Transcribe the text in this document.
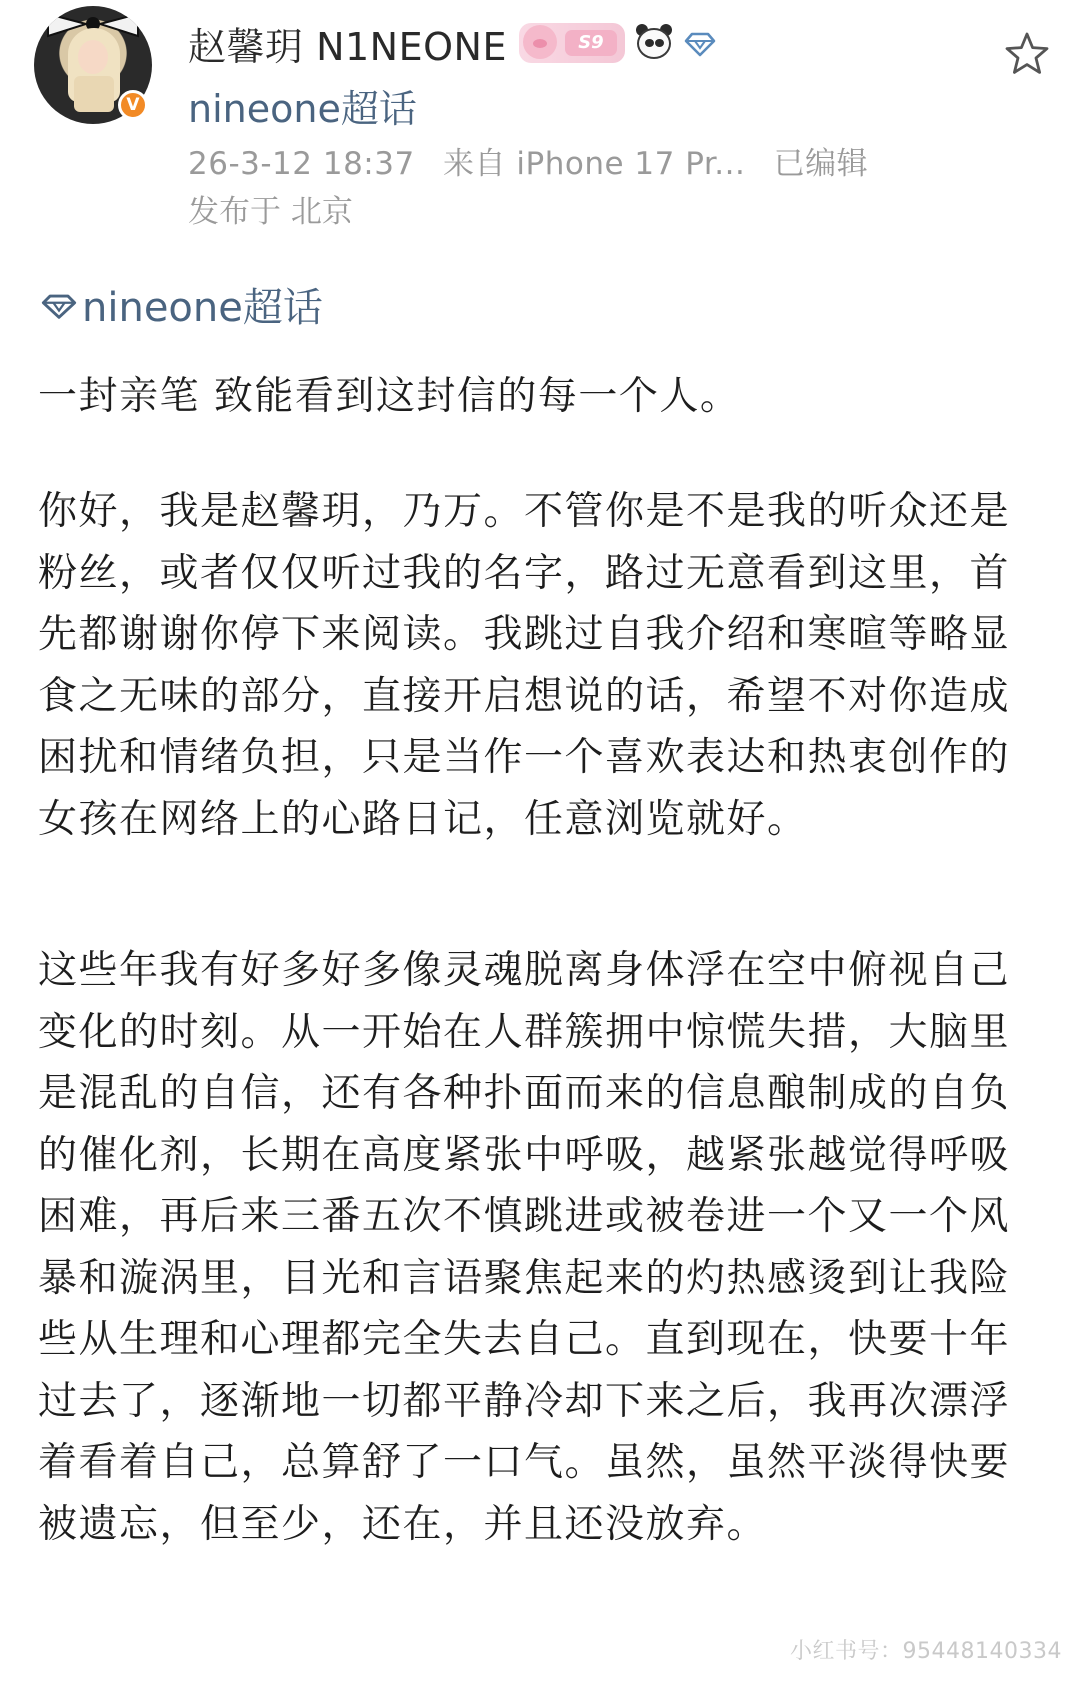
V
赵馨玥 N1NEONE	S9
nineone超话
26-3-12 18:37 来自 iPhone 17 Pr... 已编辑
发布于 北京
nineone超话

一封亲笔 致能看到这封信的每一个人。

你好，我是赵馨玥，乃万。不管你是不是我的听众还是粉丝，或者仅仅听过我的名字，路过无意看到这里，首先都谢谢你停下来阅读。我跳过自我介绍和寒暄等略显食之无味的部分，直接开启想说的话，希望不对你造成困扰和情绪负担，只是当作一个喜欢表达和热衷创作的女孩在网络上的心路日记，任意浏览就好。

这些年我有好多好多像灵魂脱离身体浮在空中俯视自己变化的时刻。从一开始在人群簇拥中惊慌失措，大脑里是混乱的自信，还有各种扑面而来的信息酿制成的自负的催化剂，长期在高度紧张中呼吸，越紧张越觉得呼吸困难，再后来三番五次不慎跳进或被卷进一个又一个风暴和漩涡里，目光和言语聚焦起来的灼热感烫到让我险些从生理和心理都完全失去自己。直到现在，快要十年过去了，逐渐地一切都平静冷却下来之后，我再次漂浮着看着自己，总算舒了一口气。虽然，虽然平淡得快要被遗忘，但至少，还在，并且还没放弃。

小红书号：95448140334
